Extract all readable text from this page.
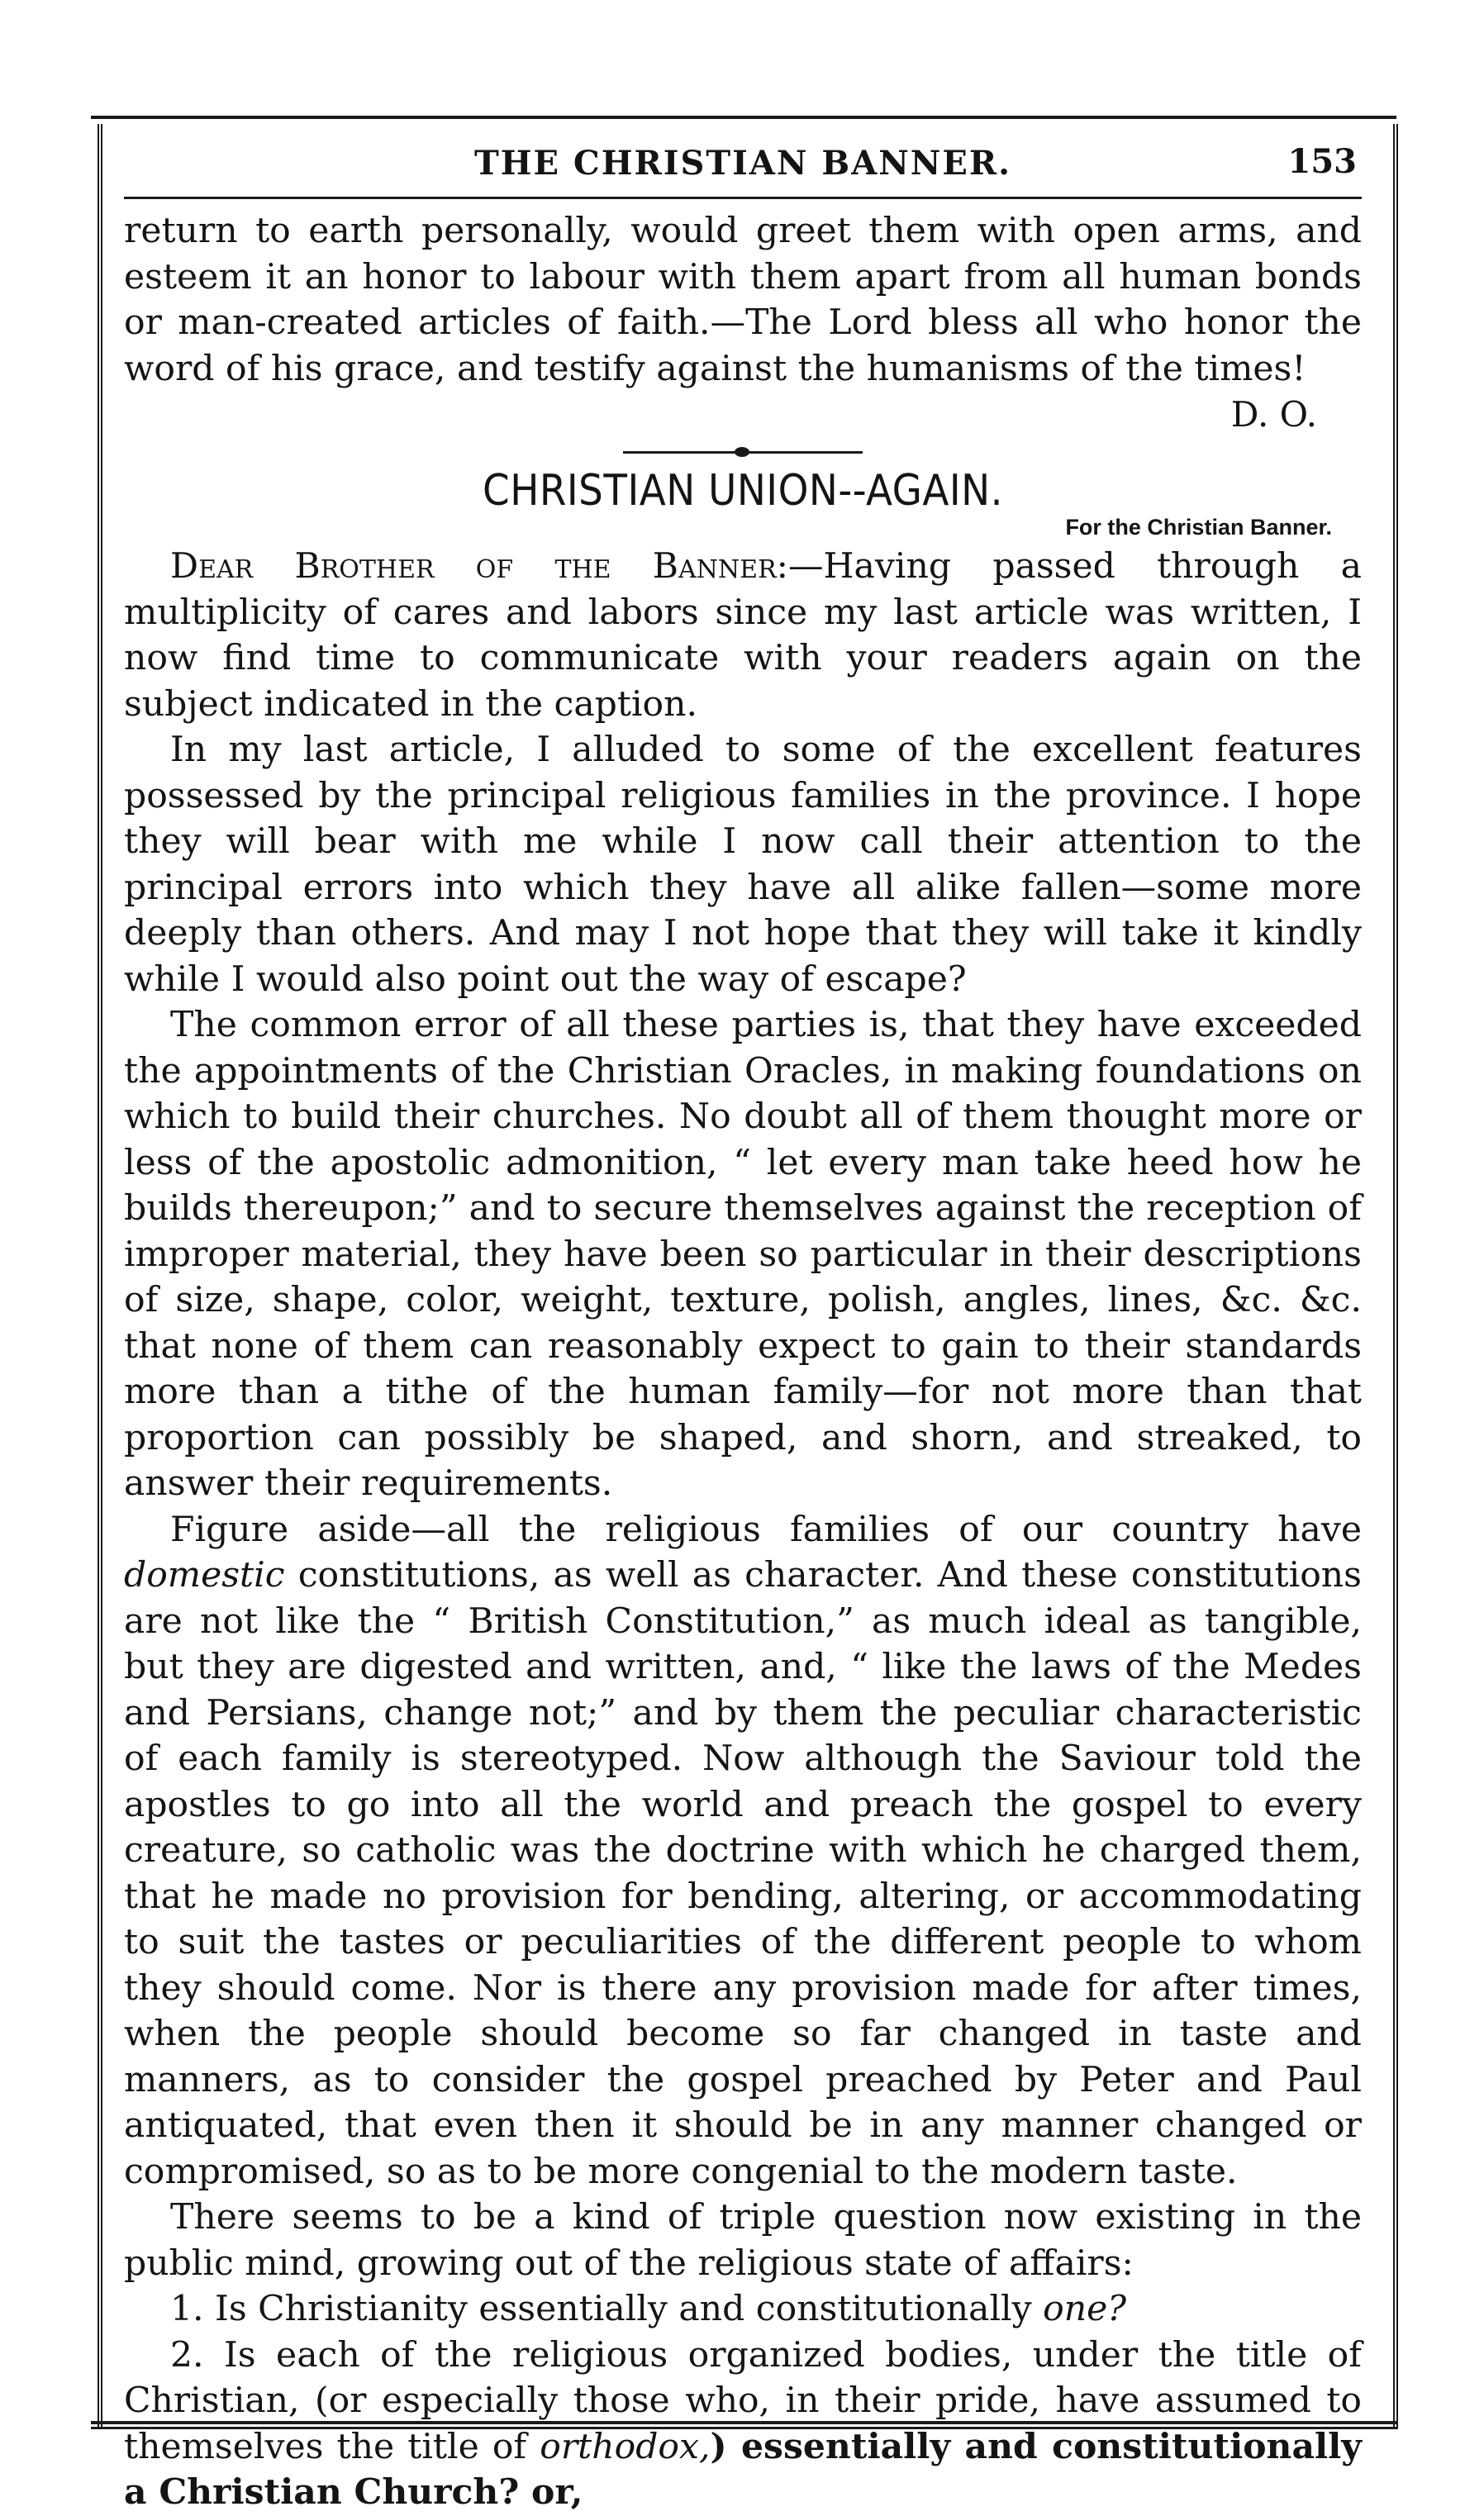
THE CHRISTIAN BANNER.	153

return to earth personally, would greet them with open arms, and esteem it an honor to labour with them apart from all human bonds or man-created articles of faith.—The Lord bless all who honor the word of his grace, and testify against the humanisms of the times!

D. O.

CHRISTIAN UNION--AGAIN.

For the Christian Banner.

Dear Brother of the Banner:—Having passed through a multiplicity of cares and labors since my last article was written, I now find time to communicate with your readers again on the subject indicated in the caption.

In my last article, I alluded to some of the excellent features possessed by the principal religious families in the province. I hope they will bear with me while I now call their attention to the principal errors into which they have all alike fallen—some more deeply than others. And may I not hope that they will take it kindly while I would also point out the way of escape?

The common error of all these parties is, that they have exceeded the appointments of the Christian Oracles, in making foundations on which to build their churches. No doubt all of them thought more or less of the apostolic admonition, “ let every man take heed how he builds thereupon;” and to secure themselves against the reception of improper material, they have been so particular in their descriptions of size, shape, color, weight, texture, polish, angles, lines, &c. &c. that none of them can reasonably expect to gain to their standards more than a tithe of the human family—for not more than that proportion can possibly be shaped, and shorn, and streaked, to answer their requirements.

Figure aside—all the religious families of our country have domestic constitutions, as well as character. And these constitutions are not like the “ British Constitution,” as much ideal as tangible, but they are digested and written, and, “ like the laws of the Medes and Persians, change not;” and by them the peculiar characteristic of each family is stereotyped. Now although the Saviour told the apostles to go into all the world and preach the gospel to every creature, so catholic was the doctrine with which he charged them, that he made no provision for bending, altering, or accommodating to suit the tastes or peculiarities of the different people to whom they should come. Nor is there any provision made for after times, when the people should become so far changed in taste and manners, as to consider the gospel preached by Peter and Paul antiquated, that even then it should be in any manner changed or compromised, so as to be more congenial to the modern taste.

There seems to be a kind of triple question now existing in the public mind, growing out of the religious state of affairs:

1. Is Christianity essentially and constitutionally one?

2. Is each of the religious organized bodies, under the title of Christian, (or especially those who, in their pride, have assumed to themselves the title of orthodox,) essentially and constitutionally a Christian Church? or,
